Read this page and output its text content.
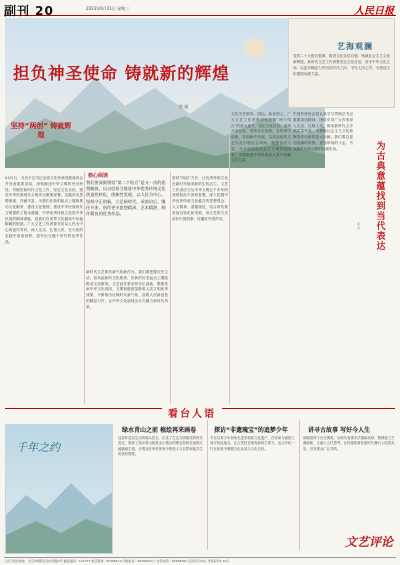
副刊 20	2023年6月21日 星期三	人民日报
担负神圣使命 铸就新的辉煌
铁 凝
坚持“两创” 铸就辉煌
艺海观澜
党的二十大报告强调，推进文化自信自强，铸就社会主义文化新辉煌。新时代文艺工作者要坚定文化自信，坚守中华文化立场，以更多精品力作回应时代之问，书写人民心声，为建设文化强国贡献力量。
6月2日，习近平总书记出席文化传承发展座谈会并发表重要讲话，深刻阐述中华文明的突出特性，对做好新时代文化工作、坚定文化自信、建设中华民族现代文明作出重要部署。这篇讲话思想深邃、内涵丰富，为我们在新的起点上继续推动文化繁荣、建设文化强国、建设中华民族现代文明提供了根本遵循。中华优秀传统文化是中华民族的精神命脉，是我们在世界文化激荡中站稳脚跟的根基。广大文艺工作者要坚持以人民为中心的创作导向，深入生活、扎根人民，在火热的实践中汲取营养，创作出无愧于时代的优秀作品。
核心阅读
我们要深刻领悟“第二个结合”是又一次的思想解放，以自信担当推进中华优秀传统文化创造性转化、创新性发展，以人民为中心，坚持守正创新，立足新时代，承前启后、继往开来，创作更多思想精深、艺术精湛、制作精良的优秀作品。
新时代文艺要有新气象新作为。我们要把握历史主动，担负起新的文化使命，在新的历史起点上继续推动文化繁荣。文艺创作要坚持守正创新，既要传承中华文化基因，又要积极借鉴吸收人类文明优秀成果，不断推出反映时代新气象、讴歌人民新创造的精品力作，让中华文化展现出永久魅力和时代风采。
坚持“两创”方针，让优秀传统文化在新时代焕发新的生机活力。文艺工作者应当从中华文明五千多年的深厚积淀中汲取智慧，深入挖掘中华优秀传统文化蕴含的思想观念、人文精神、道德规范，结合时代要求加以转化和发展，用文艺的方式讲好中国故事、传播好中国声音。
文化关乎国本、国运。新征程上，广大文艺工作者要深刻理解“两个结合”的重大意义，坚定文化自信，秉持开放包容，坚持守正创新，在传承中创新，在创新中发展，以高品质的文艺作品引领社会风尚，凝聚奋进力量，为全面建设社会主义现代化国家、全面推进中华民族伟大复兴贡献文艺力量。
中国作家协会将认真学习贯彻总书记重要讲话精神，团结引导广大作家深入生活、扎根人民，推动新时代文学高质量发展，为铸就社会主义文化新辉煌作出新的更大贡献。我们要以更加饱满的热情、更加昂扬的斗志，书写新时代新征程的壮阔史诗。	为古典意蕴找到当代表达
张 文
看台人语
千年之约
绿水青山之前 植绘再来画卷
这部作品以生动的镜头语言，记录了生态文明建设的时代变迁，展现了绿水青山就是金山银山的理念如何在祖国大地落地生根，让观众在审美体验中感受人与自然和谐共生的美好图景。
探访“非遗瑰宝”的追梦少年
节目以青少年视角走进非物质文化遗产，在传承与创新之间寻找连接点，让古老技艺焕发新的生命力，也让年轻一代在体验中增强文化认同与文化自信。
讲寻古故事 写好今人生
该剧取材于历史典故，以现代叙事手法重新演绎，既保留了古典韵味，又融入当代思考，让传统故事在新时代舞台上绽放光彩，引发观众广泛共鸣。
文艺评论
人民日报社地址：北京市朝阳区金台西路2号 邮政编码：100733 电话查询：65368114 印刷业务：65368452 广告部电话：65368282 定价每月24元 零售每份1.50元
